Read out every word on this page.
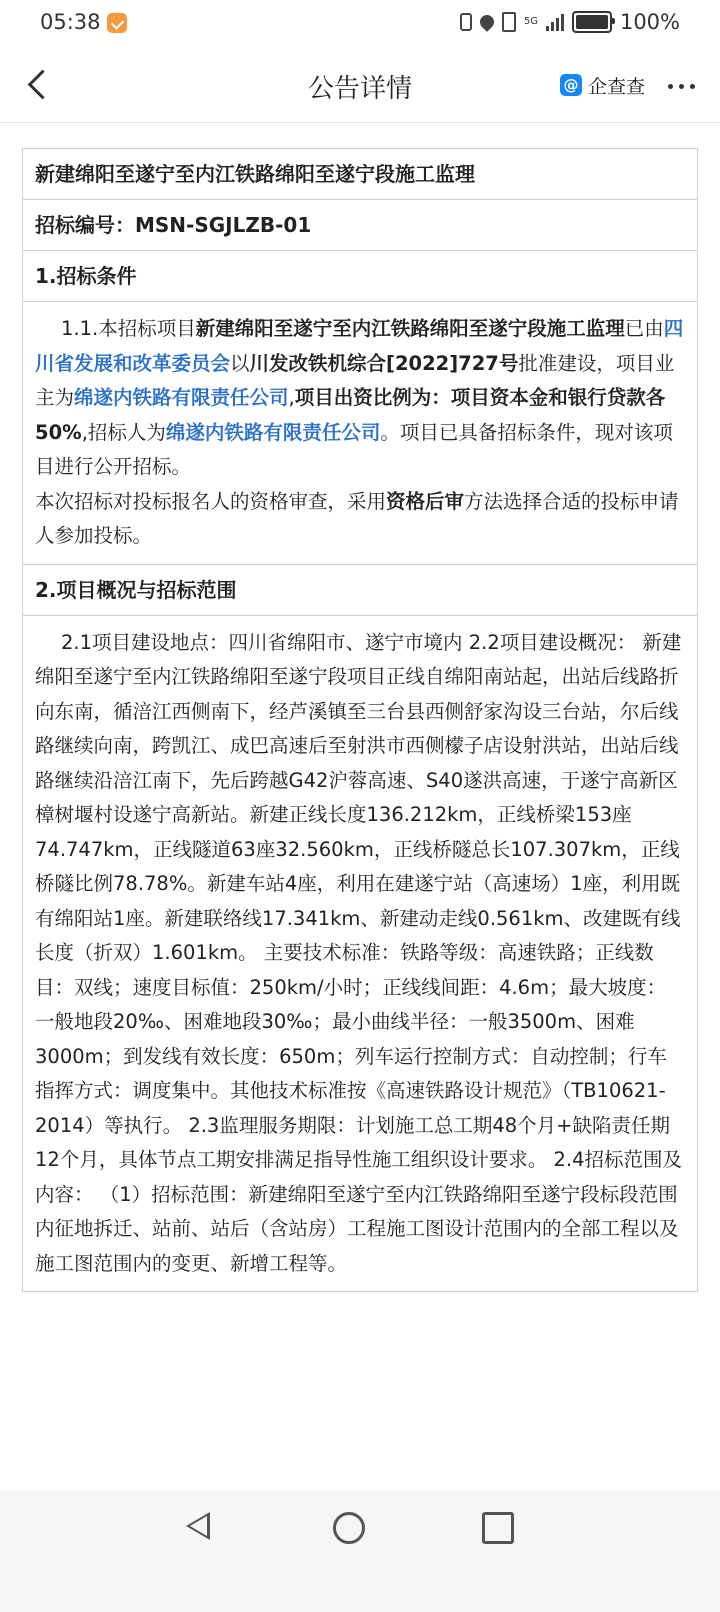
05:38	5G	100%
公告详情	@ 企查查
新建绵阳至遂宁至内江铁路绵阳至遂宁段施工监理
招标编号：MSN-SGJLZB-01
1.招标条件

1.1.本招标项目新建绵阳至遂宁至内江铁路绵阳至遂宁段施工监理已由四川省发展和改革委员会以川发改铁机综合[2022]727号批准建设，项目业主为绵遂内铁路有限责任公司,项目出资比例为：项目资本金和银行贷款各50%,招标人为绵遂内铁路有限责任公司。项目已具备招标条件，现对该项目进行公开招标。

本次招标对投标报名人的资格审查，采用资格后审方法选择合适的投标申请人参加投标。

2.项目概况与招标范围

2.1项目建设地点：四川省绵阳市、遂宁市境内 2.2项目建设概况： 新建绵阳至遂宁至内江铁路绵阳至遂宁段项目正线自绵阳南站起，出站后线路折向东南，循涪江西侧南下，经芦溪镇至三台县西侧舒家沟设三台站，尔后线路继续向南，跨凯江、成巴高速后至射洪市西侧檬子店设射洪站，出站后线路继续沿涪江南下，先后跨越G42沪蓉高速、S40遂洪高速，于遂宁高新区樟树堰村设遂宁高新站。新建正线长度136.212km，正线桥梁153座74.747km，正线隧道63座32.560km，正线桥隧总长107.307km，正线桥隧比例78.78%。新建车站4座，利用在建遂宁站（高速场）1座，利用既有绵阳站1座。新建联络线17.341km、新建动走线0.561km、改建既有线长度（折双）1.601km。 主要技术标准：铁路等级：高速铁路；正线数目：双线；速度目标值：250km/小时；正线线间距：4.6m；最大坡度：一般地段20‰、困难地段30‰；最小曲线半径：一般3500m、困难3000m；到发线有效长度：650m；列车运行控制方式：自动控制；行车指挥方式：调度集中。其他技术标准按《高速铁路设计规范》（TB10621-2014）等执行。 2.3监理服务期限：计划施工总工期48个月+缺陷责任期12个月，具体节点工期安排满足指导性施工组织设计要求。 2.4招标范围及内容： （1）招标范围：新建绵阳至遂宁至内江铁路绵阳至遂宁段标段范围内征地拆迁、站前、站后（含站房）工程施工图设计范围内的全部工程以及施工图范围内的变更、新增工程等。
